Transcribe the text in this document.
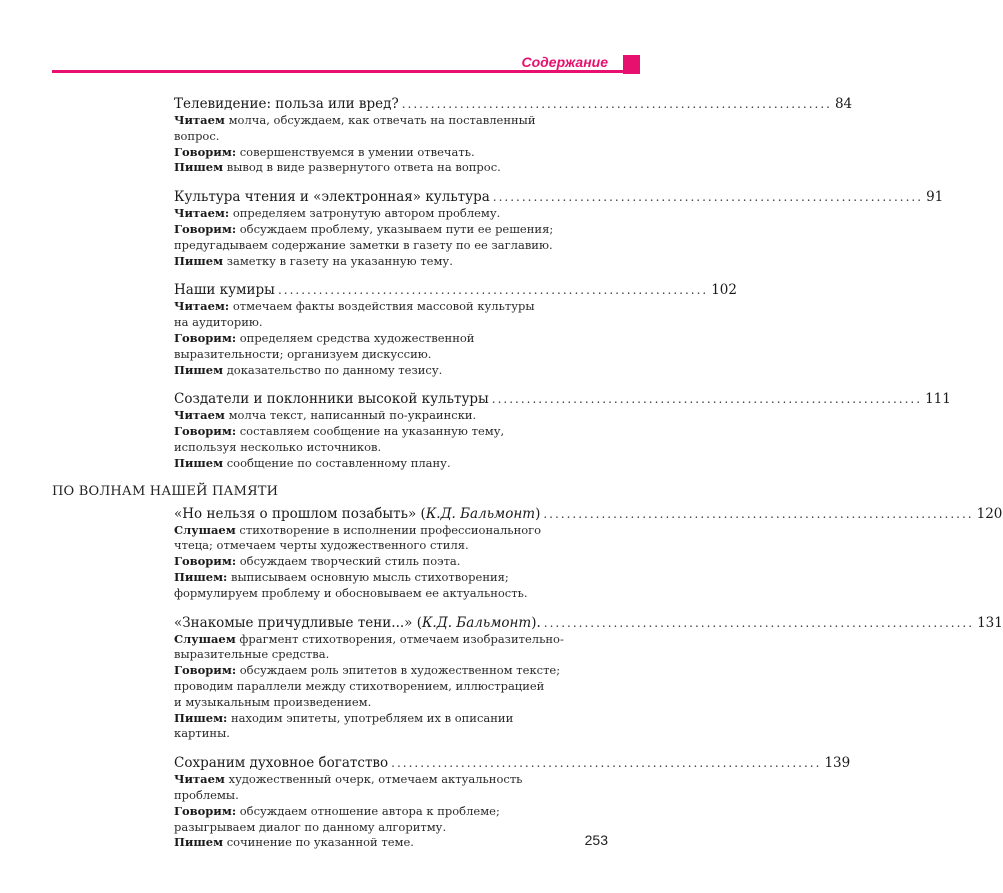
Содержание
Телевидение: польза или вред? .......................................................................... 84
Читаем молча, обсуждаем, как отвечать на поставленный
вопрос.
Говорим: совершенствуемся в умении отвечать.
Пишем вывод в виде развернутого ответа на вопрос.
Культура чтения и «электронная» культура .......................................................................... 91
Читаем: определяем затронутую автором проблему.
Говорим: обсуждаем проблему, указываем пути ее решения;
предугадываем содержание заметки в газету по ее заглавию.
Пишем заметку в газету на указанную тему.
Наши кумиры .......................................................................... 102
Читаем: отмечаем факты воздействия массовой культуры
на аудиторию.
Говорим: определяем средства художественной
выразительности; организуем дискуссию.
Пишем доказательство по данному тезису.
Создатели и поклонники высокой культуры .......................................................................... 111
Читаем молча текст, написанный по-украински.
Говорим: составляем сообщение на указанную тему,
используя несколько источников.
Пишем сообщение по составленному плану.
ПО ВОЛНАМ НАШЕЙ ПАМЯТИ
«Но нельзя о прошлом позабыть» (К.Д. Бальмонт) .......................................................................... 120
Слушаем стихотворение в исполнении профессионального
чтеца; отмечаем черты художественного стиля.
Говорим: обсуждаем творческий стиль поэта.
Пишем: выписываем основную мысль стихотворения;
формулируем проблему и обосновываем ее актуальность.
«Знакомые причудливые тени...» (К.Д. Бальмонт). .......................................................................... 131
Слушаем фрагмент стихотворения, отмечаем изобразительно-
выразительные средства.
Говорим: обсуждаем роль эпитетов в художественном тексте;
проводим параллели между стихотворением, иллюстрацией
и музыкальным произведением.
Пишем: находим эпитеты, употребляем их в описании
картины.
Сохраним духовное богатство .......................................................................... 139
Читаем художественный очерк, отмечаем актуальность
проблемы.
Говорим: обсуждаем отношение автора к проблеме;
разыгрываем диалог по данному алгоритму.
Пишем сочинение по указанной теме.	253
